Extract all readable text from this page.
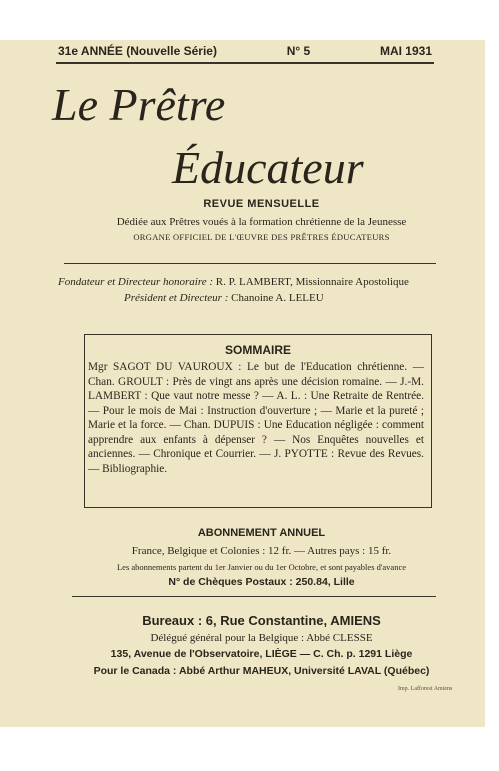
31e ANNÉE (Nouvelle Série)	N° 5	MAI 1931
Le Prêtre
Éducateur
REVUE MENSUELLE
Dédiée aux Prêtres voués à la formation chrétienne de la Jeunesse
ORGANE OFFICIEL DE L'ŒUVRE DES PRÊTRES ÉDUCATEURS
Fondateur et Directeur honoraire : R. P. LAMBERT, Missionnaire Apostolique
Président et Directeur : Chanoine A. LELEU
SOMMAIRE
Mgr SAGOT DU VAUROUX : Le but de l'Education chrétienne. — Chan. GROULT : Près de vingt ans après une décision romaine. — J.-M. LAMBERT : Que vaut notre messe ? — A. L. : Une Retraite de Rentrée. — Pour le mois de Mai : Instruction d'ouverture ; — Marie et la pureté ; Marie et la force. — Chan. DUPUIS : Une Education négligée : comment apprendre aux enfants à dépenser ? — Nos Enquêtes nouvelles et anciennes. — Chronique et Courrier. — J. PYOTTE : Revue des Revues. — Bibliographie.
ABONNEMENT ANNUEL
France, Belgique et Colonies : 12 fr. — Autres pays : 15 fr.
Les abonnements partent du 1er Janvier ou du 1er Octobre, et sont payables d'avance
N° de Chèques Postaux : 250.84, Lille
Bureaux : 6, Rue Constantine, AMIENS
Délégué général pour la Belgique : Abbé CLESSE
135, Avenue de l'Observatoire, LIÈGE — C. Ch. p. 1291 Liège
Pour le Canada : Abbé Arthur MAHEUX, Université LAVAL (Québec)
Imp. Lafforest Amiens
